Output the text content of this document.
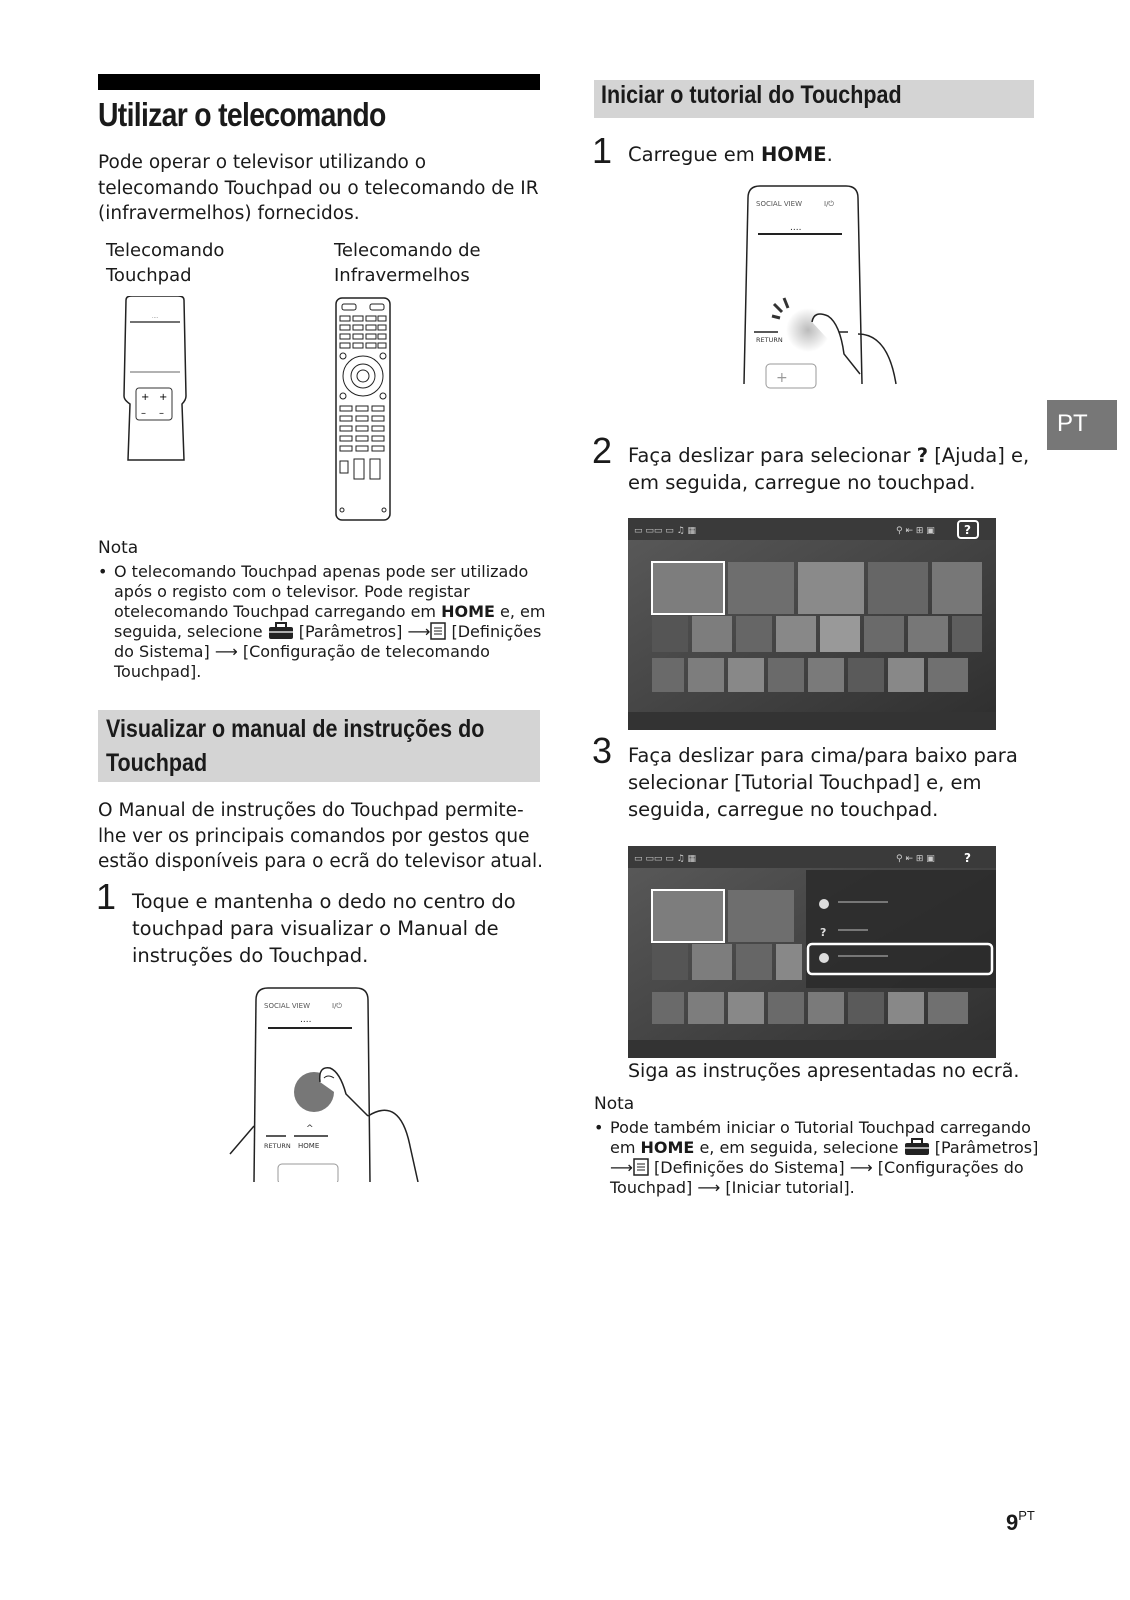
Utilizar o telecomando
Pode operar o televisor utilizando o telecomando Touchpad ou o telecomando de IR (infravermelhos) fornecidos.
Telecomando
Touchpad
Telecomando de
Infravermelhos
....
+ +
– –
Nota
• O telecomando Touchpad apenas pode ser utilizado após o registo com o televisor. Pode registar otelecomando Touchpad carregando em HOME e, em seguida, selecione  [Parâmetros] ⟶ [Definições do Sistema] ⟶ [Configuração de telecomando Touchpad].
Visualizar o manual de instruções do
Touchpad
O Manual de instruções do Touchpad permite-lhe ver os principais comandos por gestos que estão disponíveis para o ecrã do televisor atual.
1 Toque e mantenha o dedo no centro do touchpad para visualizar o Manual de instruções do Touchpad.
SOCIAL VIEW	I/⏻
....
RETURN HOME
^
Iniciar o tutorial do Touchpad
1 Carregue em HOME.
SOCIAL VIEW	I/⏻
....
RETURN
+
2 Faça deslizar para selecionar ? [Ajuda] e, em seguida, carregue no touchpad.
▭ ▭▭ ▭ ♫ ▦	⚲ ⇤ ⊞ ▣ ?
3 Faça deslizar para cima/para baixo para selecionar [Tutorial Touchpad] e, em seguida, carregue no touchpad.
▭ ▭▭ ▭ ♫ ▦	⚲ ⇤ ⊞ ▣ ?
?
Siga as instruções apresentadas no ecrã.
Nota
• Pode também iniciar o Tutorial Touchpad carregando em HOME e, em seguida, selecione  [Parâmetros] ⟶ [Definições do Sistema] ⟶ [Configurações do Touchpad] ⟶ [Iniciar tutorial].
PT
$9^{PT}$
